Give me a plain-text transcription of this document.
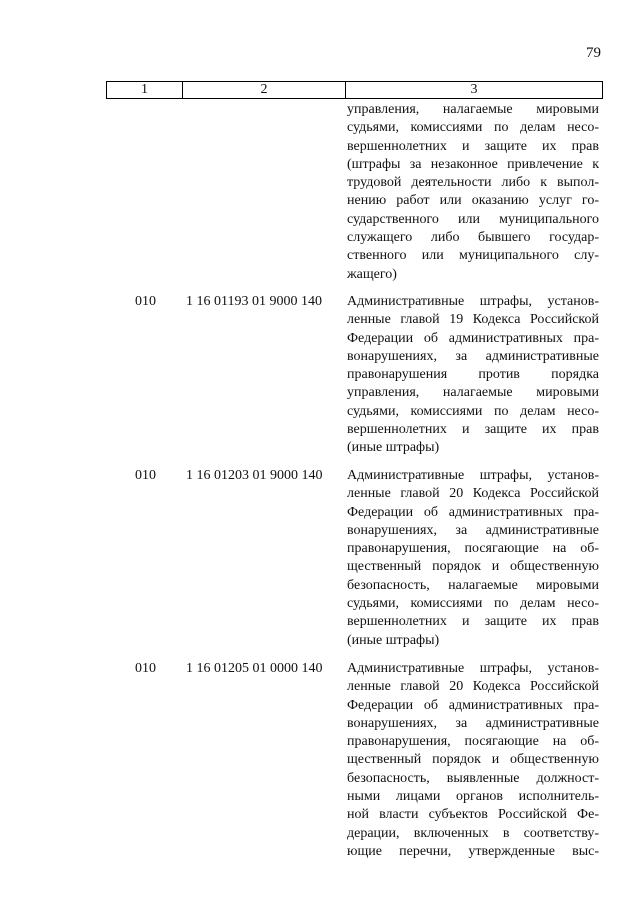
79
1	2	3
управления, налагаемые мировыми
судьями, комиссиями по делам несо-
вершеннолетних и защите их прав
(штрафы за незаконное привлечение к
трудовой деятельности либо к выпол-
нению работ или оказанию услуг го-
сударственного или муниципального
служащего либо бывшего государ-
ственного или муниципального слу-
жащего)
010 1 16 01193 01 9000 140 Административные штрафы, установ-
ленные главой 19 Кодекса Российской
Федерации об административных пра-
вонарушениях, за административные
правонарушения против порядка
управления, налагаемые мировыми
судьями, комиссиями по делам несо-
вершеннолетних и защите их прав
(иные штрафы)
010 1 16 01203 01 9000 140 Административные штрафы, установ-
ленные главой 20 Кодекса Российской
Федерации об административных пра-
вонарушениях, за административные
правонарушения, посягающие на об-
щественный порядок и общественную
безопасность, налагаемые мировыми
судьями, комиссиями по делам несо-
вершеннолетних и защите их прав
(иные штрафы)
010 1 16 01205 01 0000 140 Административные штрафы, установ-
ленные главой 20 Кодекса Российской
Федерации об административных пра-
вонарушениях, за административные
правонарушения, посягающие на об-
щественный порядок и общественную
безопасность, выявленные должност-
ными лицами органов исполнитель-
ной власти субъектов Российской Фе-
дерации, включенных в соответству-
ющие перечни, утвержденные выс-
